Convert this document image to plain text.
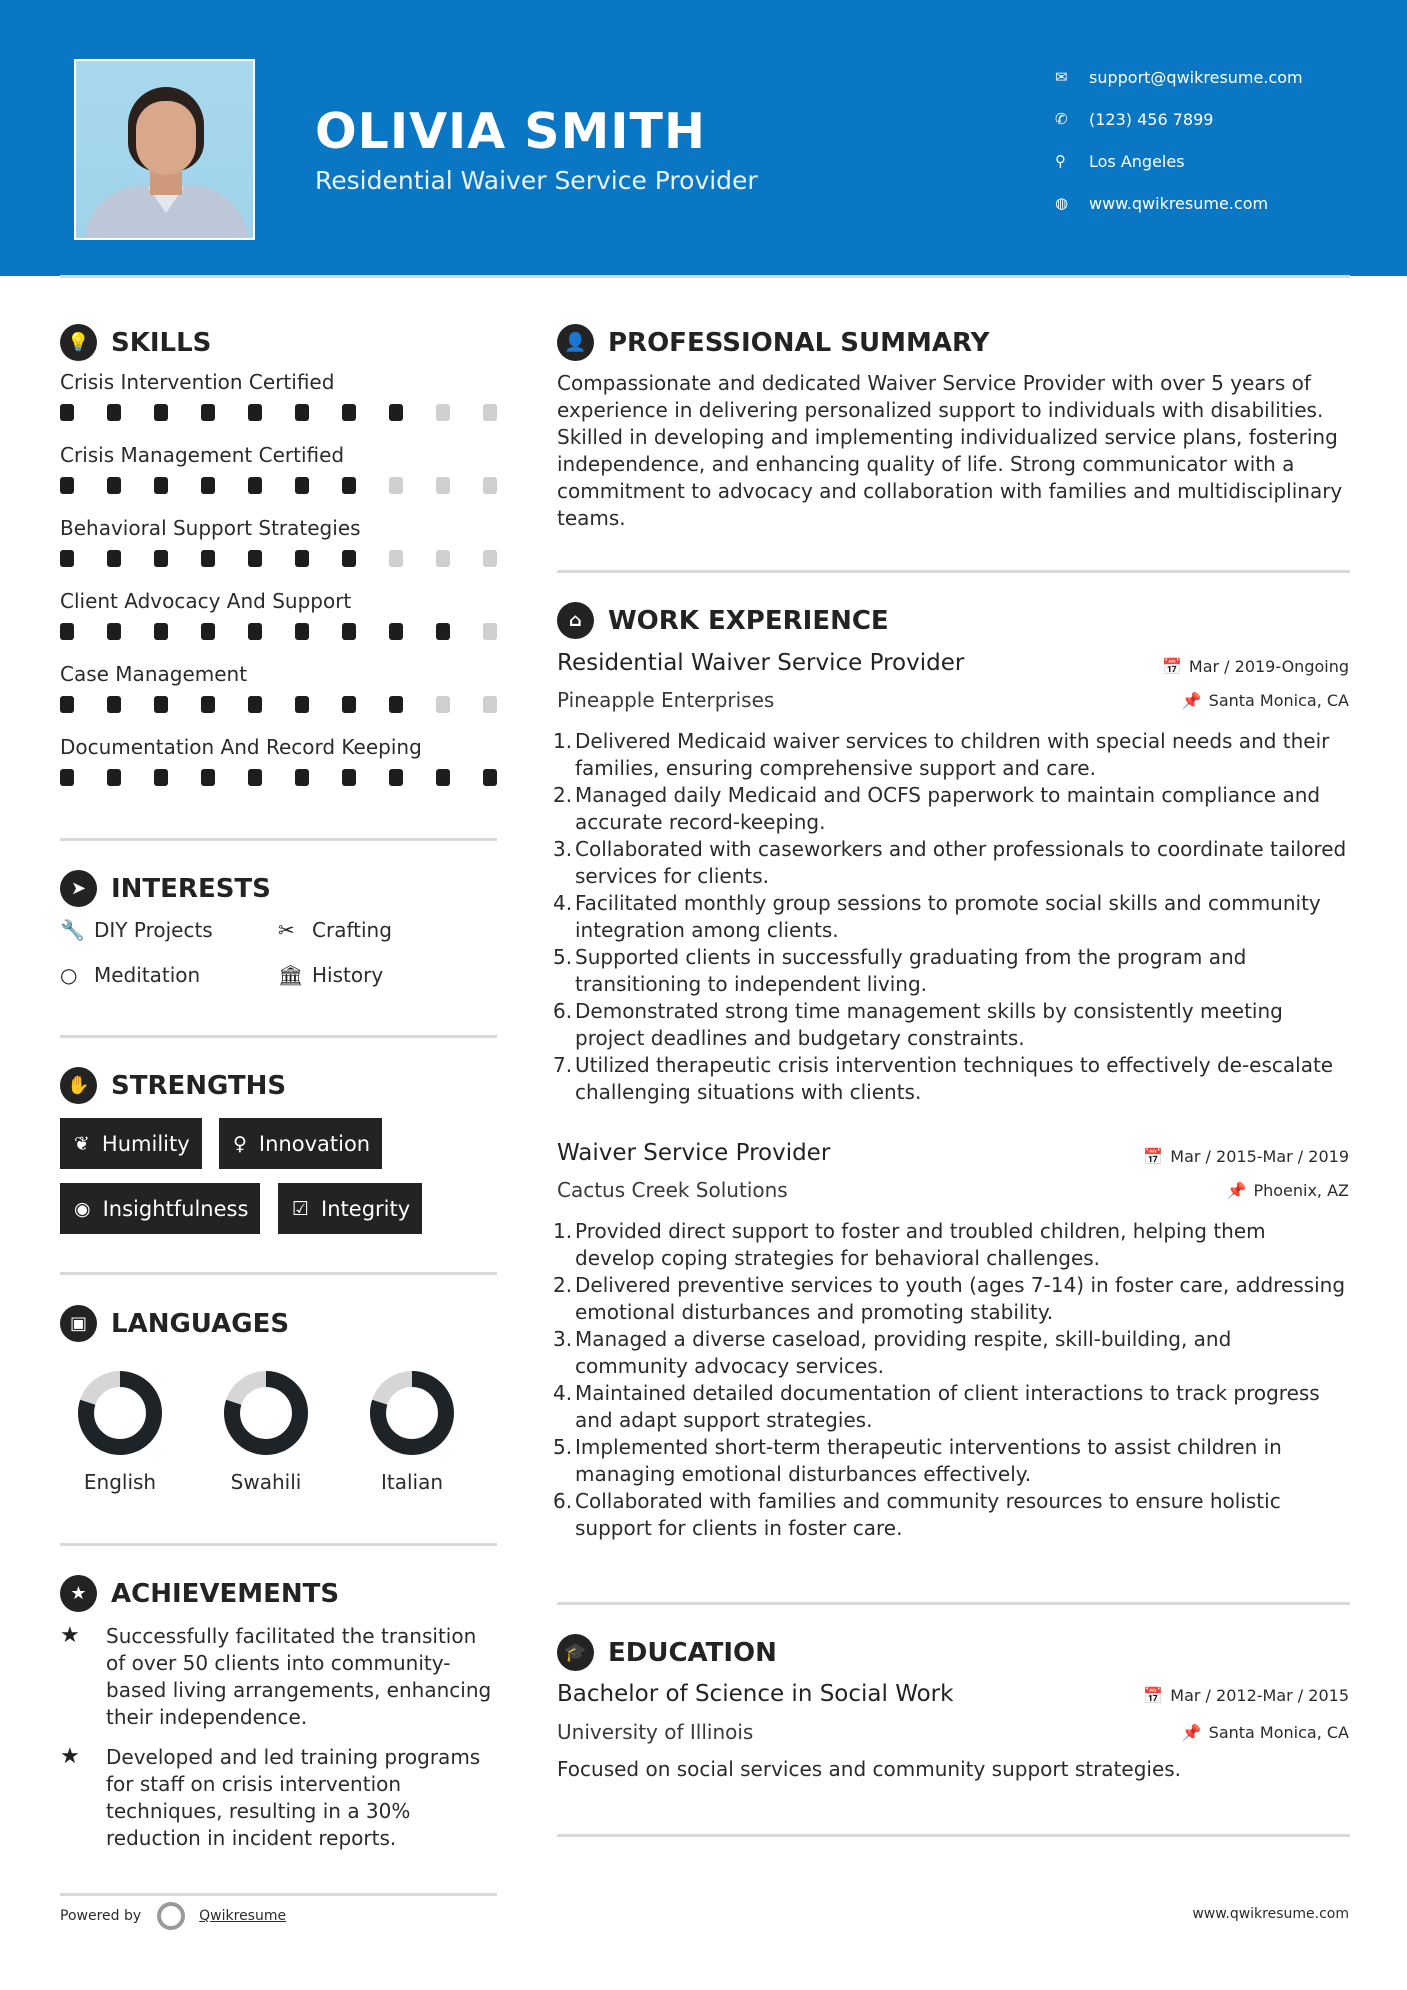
OLIVIA SMITH
Residential Waiver Service Provider
✉	support@qwikresume.com
✆	(123) 456 7899
⚲	Los Angeles
◍	www.qwikresume.com
💡 SKILLS
Crisis Intervention Certified
Crisis Management Certified
Behavioral Support Strategies
Client Advocacy And Support
Case Management
Documentation And Record Keeping
➤ INTERESTS
🔧 DIY Projects	✂ Crafting
○ Meditation	🏛 History
✋ STRENGTHS
❦ Humility ♀ Innovation
◉ Insightfulness ☑ Integrity
▣ LANGUAGES
English	Swahili	Italian
★ ACHIEVEMENTS
★	Successfully facilitated the transition of over 50 clients into community-based living arrangements, enhancing their independence.
★	Developed and led training programs for staff on crisis intervention techniques, resulting in a 30% reduction in incident reports.
Powered by	Qwikresume	www.qwikresume.com
👤 PROFESSIONAL SUMMARY
Compassionate and dedicated Waiver Service Provider with over 5 years of experience in delivering personalized support to individuals with disabilities. Skilled in developing and implementing individualized service plans, fostering independence, and enhancing quality of life. Strong communicator with a commitment to advocacy and collaboration with families and multidisciplinary teams.
⌂	WORK EXPERIENCE
Residential Waiver Service Provider	📅 Mar / 2019-Ongoing
Pineapple Enterprises	📌 Santa Monica, CA
1. Delivered Medicaid waiver services to children with special needs and their families, ensuring comprehensive support and care.
2. Managed daily Medicaid and OCFS paperwork to maintain compliance and accurate record-keeping.
3. Collaborated with caseworkers and other professionals to coordinate tailored services for clients.
4. Facilitated monthly group sessions to promote social skills and community integration among clients.
5. Supported clients in successfully graduating from the program and transitioning to independent living.
6. Demonstrated strong time management skills by consistently meeting project deadlines and budgetary constraints.
7. Utilized therapeutic crisis intervention techniques to effectively de-escalate challenging situations with clients.
Waiver Service Provider	📅 Mar / 2015-Mar / 2019
Cactus Creek Solutions	📌 Phoenix, AZ
1. Provided direct support to foster and troubled children, helping them develop coping strategies for behavioral challenges.
2. Delivered preventive services to youth (ages 7-14) in foster care, addressing emotional disturbances and promoting stability.
3. Managed a diverse caseload, providing respite, skill-building, and community advocacy services.
4. Maintained detailed documentation of client interactions to track progress and adapt support strategies.
5. Implemented short-term therapeutic interventions to assist children in managing emotional disturbances effectively.
6. Collaborated with families and community resources to ensure holistic support for clients in foster care.
🎓 EDUCATION
Bachelor of Science in Social Work	📅 Mar / 2012-Mar / 2015
University of Illinois	📌 Santa Monica, CA
Focused on social services and community support strategies.
